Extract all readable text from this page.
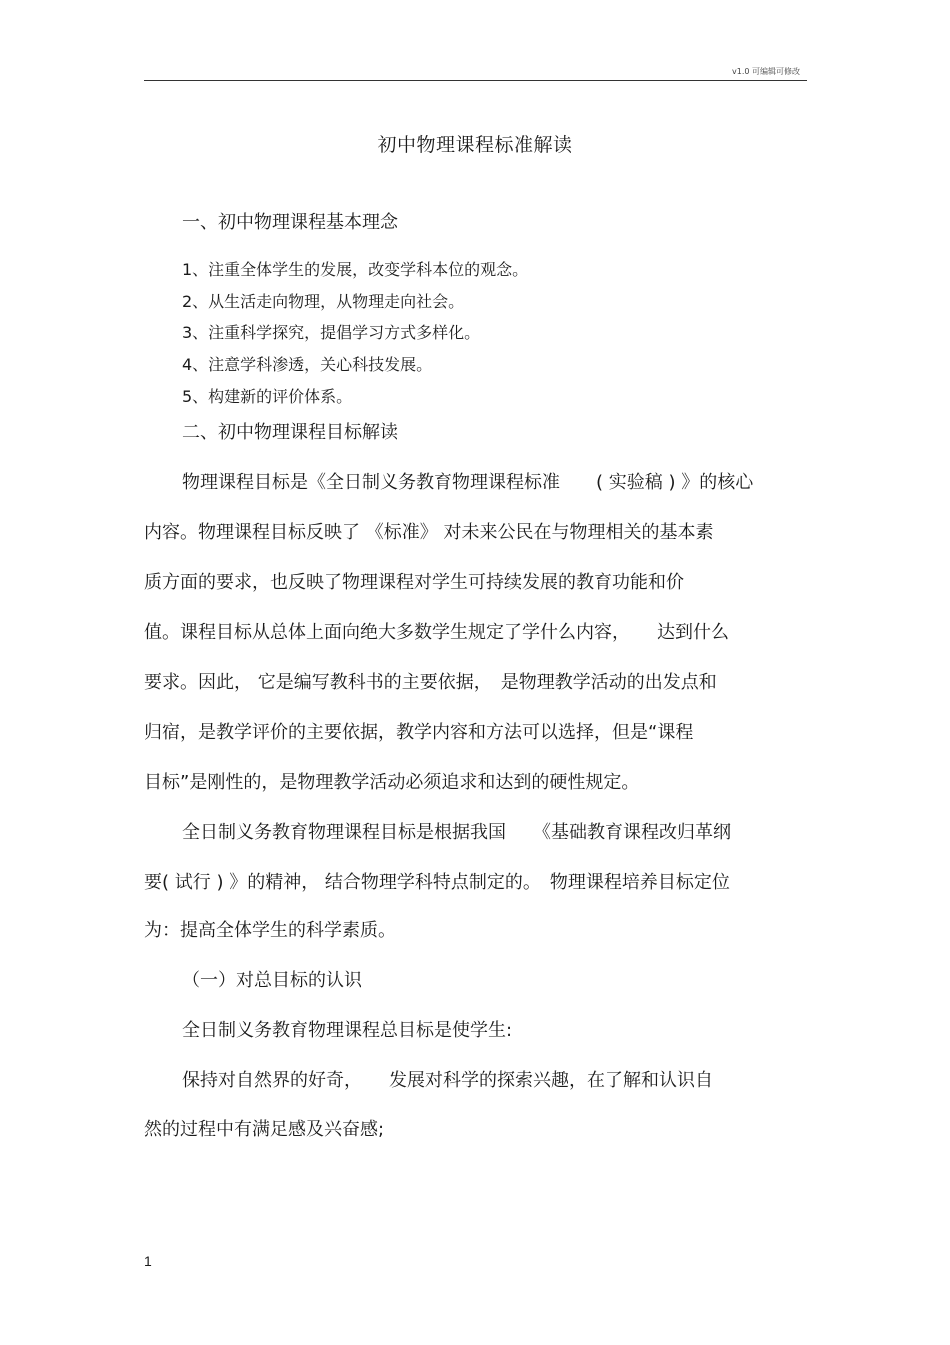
v1.0 可编辑可修改
初中物理课程标准解读
一、初中物理课程基本理念
1、注重全体学生的发展，改变学科本位的观念。
2、从生活走向物理，从物理走向社会。
3、注重科学探究，提倡学习方式多样化。
4、注意学科渗透，关心科技发展。
5、构建新的评价体系。
二、初中物理课程目标解读
物理课程目标是《全日制义务教育物理课程标准　　( 实验稿 ) 》的核心
内容。物理课程目标反映了 《标准》 对未来公民在与物理相关的基本素
质方面的要求，也反映了物理课程对学生可持续发展的教育功能和价
值。课程目标从总体上面向绝大多数学生规定了学什么内容，　　达到什么
要求。因此， 它是编写教科书的主要依据，　是物理教学活动的出发点和
归宿，是教学评价的主要依据，教学内容和方法可以选择，但是“课程
目标”是刚性的，是物理教学活动必须追求和达到的硬性规定。
全日制义务教育物理课程目标是根据我国　　《基础教育课程改归革纲
要( 试行 ) 》的精神， 结合物理学科特点制定的。　物理课程培养目标定位
为：提高全体学生的科学素质。
（一）对总目标的认识
全日制义务教育物理课程总目标是使学生:
保持对自然界的好奇，　　发展对科学的探索兴趣，在了解和认识自
然的过程中有满足感及兴奋感;
1
